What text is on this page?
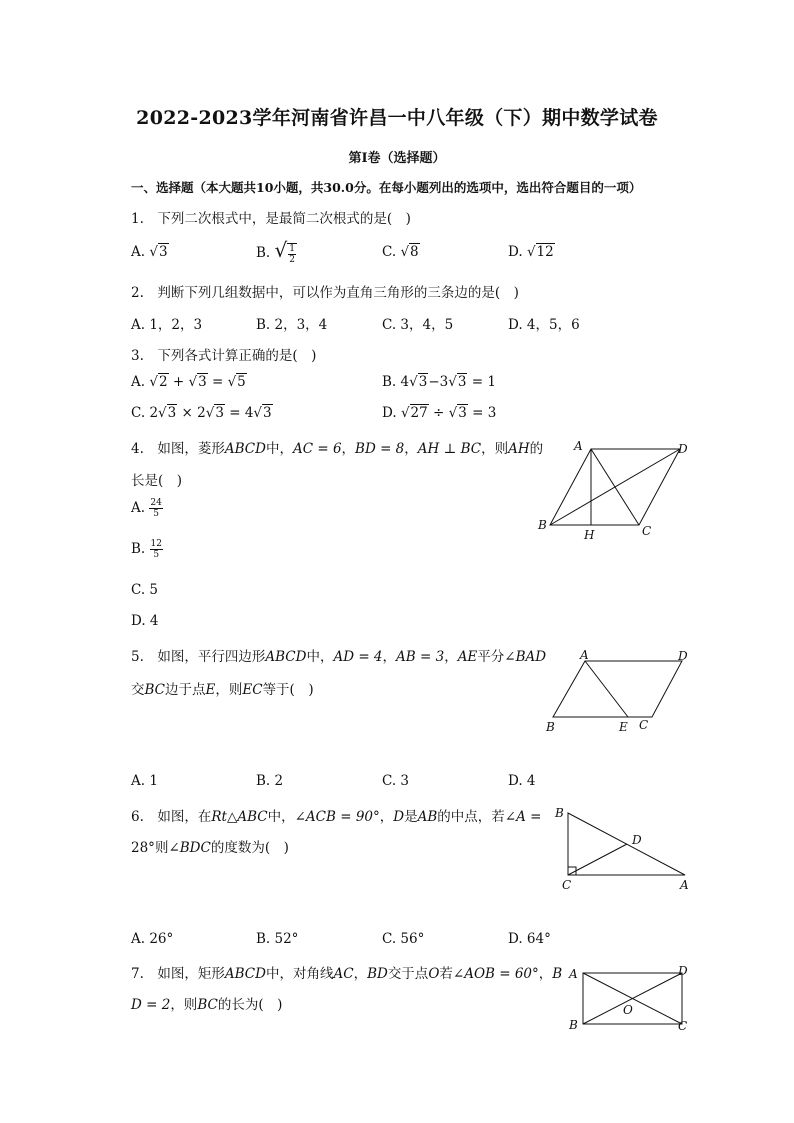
2022-2023学年河南省许昌一中八年级（下）期中数学试卷
第I卷（选择题）
一、选择题（本大题共10小题，共30.0分。在每小题列出的选项中，选出符合题目的一项）
1.　下列二次根式中，是最简二次根式的是(　)
A. √3	B. √ $\frac{1}{2}$	C. √8	D. √12
2.　判断下列几组数据中，可以作为直角三角形的三条边的是(　)
A. 1，2，3	B. 2，3，4	C. 3，4，5	D. 4，5，6
3.　下列各式计算正确的是(　)
A. √2 + √3 = √5	B. 4√3−3√3 = 1
C. 2√3 × 2√3 = 4√3	D. √27 ÷ √3 = 3
4.　如图，菱形ABCD中，AC = 6，BD = 8，AH ⊥ BC，则AH的
长是(　)
A. $\frac{24}{5}$
B. $\frac{12}{5}$
C. 5
D. 4
A	D
B	C
H
5.　如图，平行四边形ABCD中，AD = 4，AB = 3，AE平分∠BAD
交BC边于点E，则EC等于(　)
A. 1	B. 2	C. 3	D. 4
A	D
B	E C
6.　如图，在Rt△ABC中，∠ACB = 90°，D是AB的中点，若∠A =
28°则∠BDC的度数为(　)
A. 26°	B. 52°	C. 56°	D. 64°
B
D
C	A
7.　如图，矩形ABCD中，对角线AC，BD交于点O若∠AOB = 60°，B
D = 2，则BC的长为(　)
A	D
B
O
C
